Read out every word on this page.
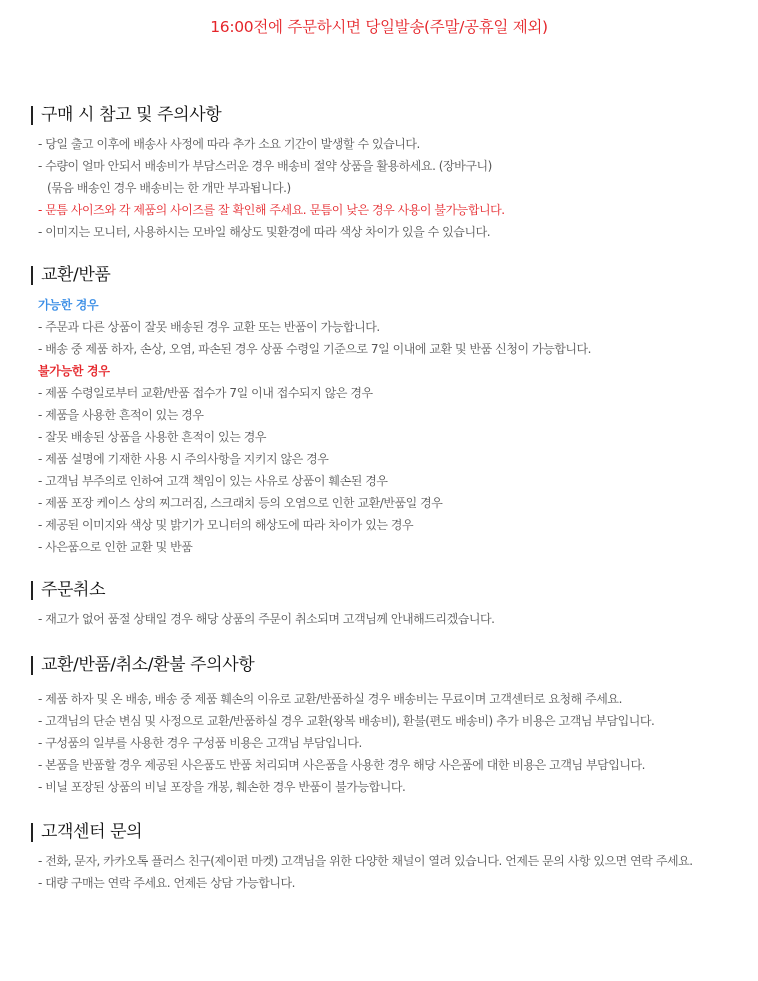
16:00전에 주문하시면 당일발송(주말/공휴일 제외)
구매 시 참고 및 주의사항
- 당일 출고 이후에 배송사 사정에 따라 추가 소요 기간이 발생할 수 있습니다.
- 수량이 얼마 안되서 배송비가 부담스러운 경우 배송비 절약 상품을 활용하세요. (장바구니)
(묶음 배송인 경우 배송비는 한 개만 부과됩니다.)
- 문틈 사이즈와 각 제품의 사이즈를 잘 확인해 주세요. 문틈이 낮은 경우 사용이 불가능합니다.
- 이미지는 모니터, 사용하시는 모바일 해상도 및환경에 따라 색상 차이가 있을 수 있습니다.
교환/반품
가능한 경우
- 주문과 다른 상품이 잘못 배송된 경우 교환 또는 반품이 가능합니다.
- 배송 중 제품 하자, 손상, 오염, 파손된 경우 상품 수령일 기준으로 7일 이내에 교환 및 반품 신청이 가능합니다.
불가능한 경우
- 제품 수령일로부터 교환/반품 접수가 7일 이내 접수되지 않은 경우
- 제품을 사용한 흔적이 있는 경우
- 잘못 배송된 상품을 사용한 흔적이 있는 경우
- 제품 설명에 기재한 사용 시 주의사항을 지키지 않은 경우
- 고객님 부주의로 인하여 고객 책임이 있는 사유로 상품이 훼손된 경우
- 제품 포장 케이스 상의 찌그러짐, 스크래치 등의 오염으로 인한 교환/반품일 경우
- 제공된 이미지와 색상 및 밝기가 모니터의 해상도에 따라 차이가 있는 경우
- 사은품으로 인한 교환 및 반품
주문취소
- 재고가 없어 품절 상태일 경우 해당 상품의 주문이 취소되며 고객님께 안내해드리겠습니다.
교환/반품/취소/환불 주의사항
- 제품 하자 및 온 배송, 배송 중 제품 훼손의 이유로 교환/반품하실 경우 배송비는 무료이며 고객센터로 요청해 주세요.
- 고객님의 단순 변심 및 사정으로 교환/반품하실 경우 교환(왕복 배송비), 환불(편도 배송비) 추가 비용은 고객님 부담입니다.
- 구성품의 일부를 사용한 경우 구성품 비용은 고객님 부담입니다.
- 본품을 반품할 경우 제공된 사은품도 반품 처리되며 사은품을 사용한 경우 해당 사은품에 대한 비용은 고객님 부담입니다.
- 비닐 포장된 상품의 비닐 포장을 개봉, 훼손한 경우 반품이 불가능합니다.
고객센터 문의
- 전화, 문자, 카카오톡 플러스 친구(제이펀 마켓) 고객님을 위한 다양한 채널이 열려 있습니다. 언제든 문의 사항 있으면 연락 주세요.
- 대량 구매는 연락 주세요. 언제든 상담 가능합니다.
